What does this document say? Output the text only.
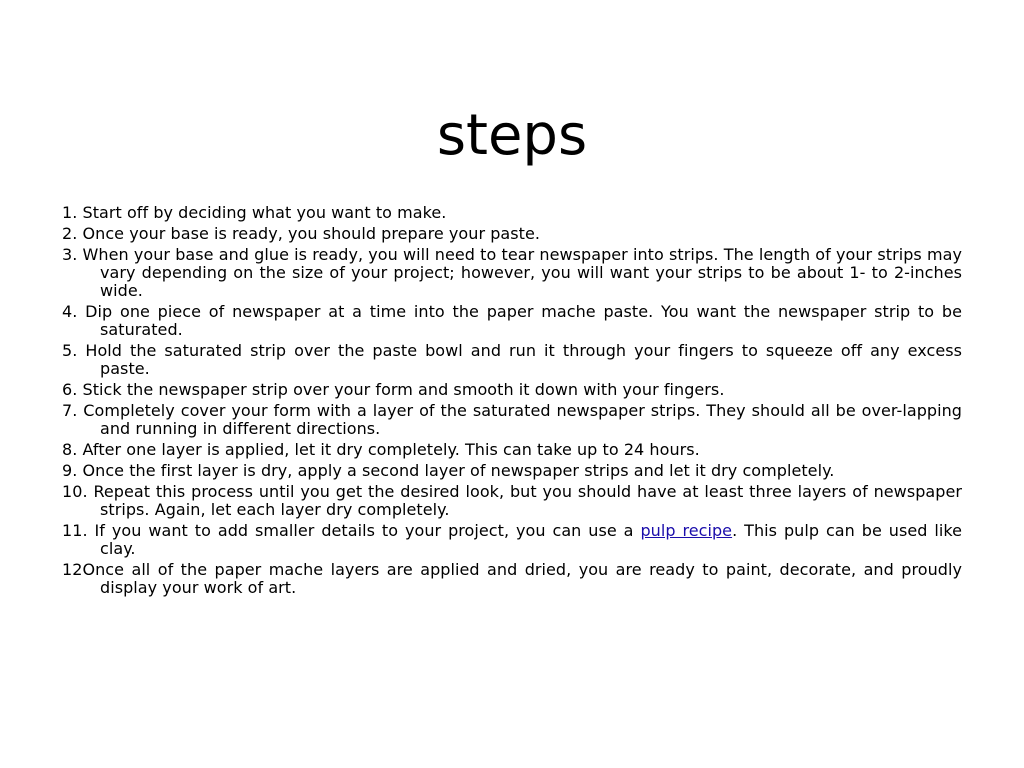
steps
1. Start off by deciding what you want to make.
2. Once your base is ready, you should prepare your paste.
3. When your base and glue is ready, you will need to tear newspaper into strips. The length of your strips may vary depending on the size of your project; however, you will want your strips to be about 1- to 2-inches wide.
4. Dip one piece of newspaper at a time into the paper mache paste. You want the newspaper strip to be saturated.
5. Hold the saturated strip over the paste bowl and run it through your fingers to squeeze off any excess paste.
6. Stick the newspaper strip over your form and smooth it down with your fingers.
7. Completely cover your form with a layer of the saturated newspaper strips. They should all be over-lapping and running in different directions.
8. After one layer is applied, let it dry completely. This can take up to 24 hours.
9. Once the first layer is dry, apply a second layer of newspaper strips and let it dry completely.
10. Repeat this process until you get the desired look, but you should have at least three layers of newspaper strips. Again, let each layer dry completely.
11. If you want to add smaller details to your project, you can use a pulp recipe. This pulp can be used like clay.
12Once all of the paper mache layers are applied and dried, you are ready to paint, decorate, and proudly display your work of art.
